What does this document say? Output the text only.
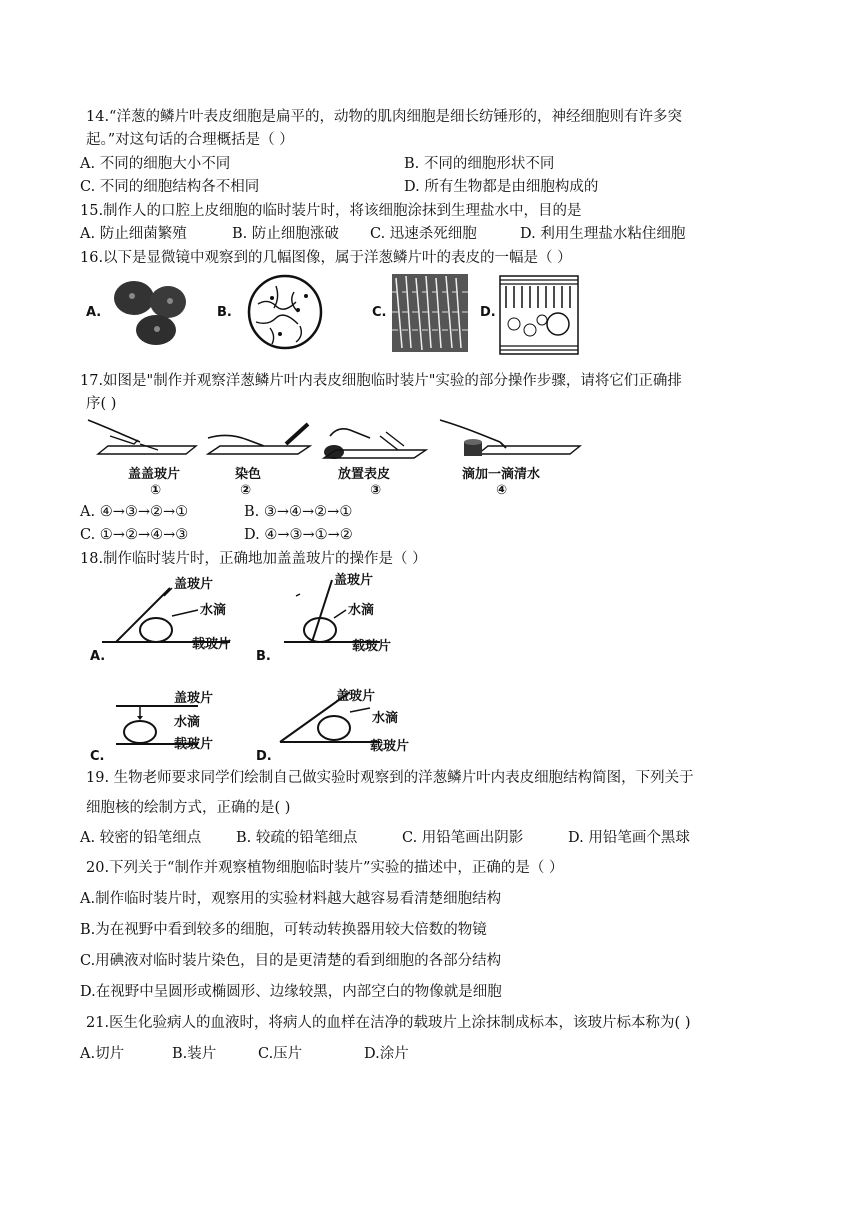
14.“洋葱的鳞片叶表皮细胞是扁平的，动物的肌肉细胞是细长纺锤形的，神经细胞则有许多突
起。”对这句话的合理概括是（ ）
A. 不同的细胞大小不同	B. 不同的细胞形状不同
C. 不同的细胞结构各不相同	D. 所有生物都是由细胞构成的
15.制作人的口腔上皮细胞的临时装片时，将该细胞涂抹到生理盐水中，目的是
A. 防止细菌繁殖	B. 防止细胞涨破 C. 迅速杀死细胞	D. 利用生理盐水粘住细胞
16.以下是显微镜中观察到的几幅图像，属于洋葱鳞片叶的表皮的一幅是（ ）
A.	B.	C.	D.
17.如图是"制作并观察洋葱鳞片叶内表皮细胞临时装片"实验的部分操作步骤，请将它们正确排
序( )
盖盖玻片
①
染色
②
放置表皮
③
滴加一滴清水
④
A. ④→③→②→①	B. ③→④→②→①
C. ①→②→④→③	D. ④→③→①→②
18.制作临时装片时，正确地加盖盖玻片的操作是（ ）
盖玻片
水滴
载玻片
A.
盖玻片
水滴
载玻片
B.
盖玻片
水滴
载玻片
C.
盖玻片
水滴
载玻片
D.
19. 生物老师要求同学们绘制自己做实验时观察到的洋葱鳞片叶内表皮细胞结构简图，下列关于
细胞核的绘制方式，正确的是( )
A. 较密的铅笔细点 B. 较疏的铅笔细点	C. 用铅笔画出阴影	D. 用铅笔画个黑球
20.下列关于“制作并观察植物细胞临时装片”实验的描述中，正确的是（ ）
A.制作临时装片时，观察用的实验材料越大越容易看清楚细胞结构
B.为在视野中看到较多的细胞，可转动转换器用较大倍数的物镜
C.用碘液对临时装片染色，目的是更清楚的看到细胞的各部分结构
D.在视野中呈圆形或椭圆形、边缘较黑，内部空白的物像就是细胞
21.医生化验病人的血液时，将病人的血样在洁净的载玻片上涂抹制成标本，该玻片标本称为( )
A.切片	B.装片	C.压片	D.涂片
